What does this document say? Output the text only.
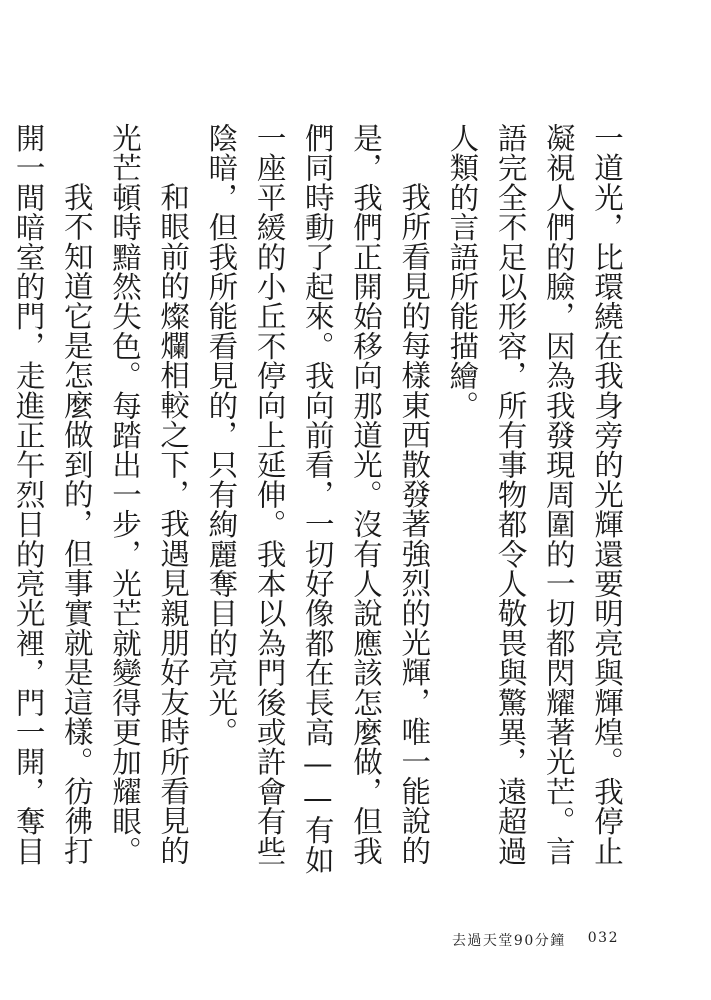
一道光，比環繞在我身旁的光輝還要明亮與輝煌。我停止凝視人們的臉，因為我發現周圍的一切都閃耀著光芒。言語完全不足以形容，所有事物都令人敬畏與驚異，遠超過人類的言語所能描繪。

我所看見的每樣東西散發著強烈的光輝，唯一能說的是，我們正開始移向那道光。沒有人說應該怎麼做，但我們同時動了起來。我向前看，一切好像都在長高——有如一座平緩的小丘不停向上延伸。我本以為門後或許會有些陰暗，但我所能看見的，只有絢麗奪目的亮光。

和眼前的燦爛相較之下，我遇見親朋好友時所看見的光芒頓時黯然失色。每踏出一步，光芒就變得更加耀眼。

我不知道它是怎麼做到的，但事實就是這樣。彷彿打開一間暗室的門，走進正午烈日的亮光裡，門一開，奪目

去過天堂90分鐘 032
